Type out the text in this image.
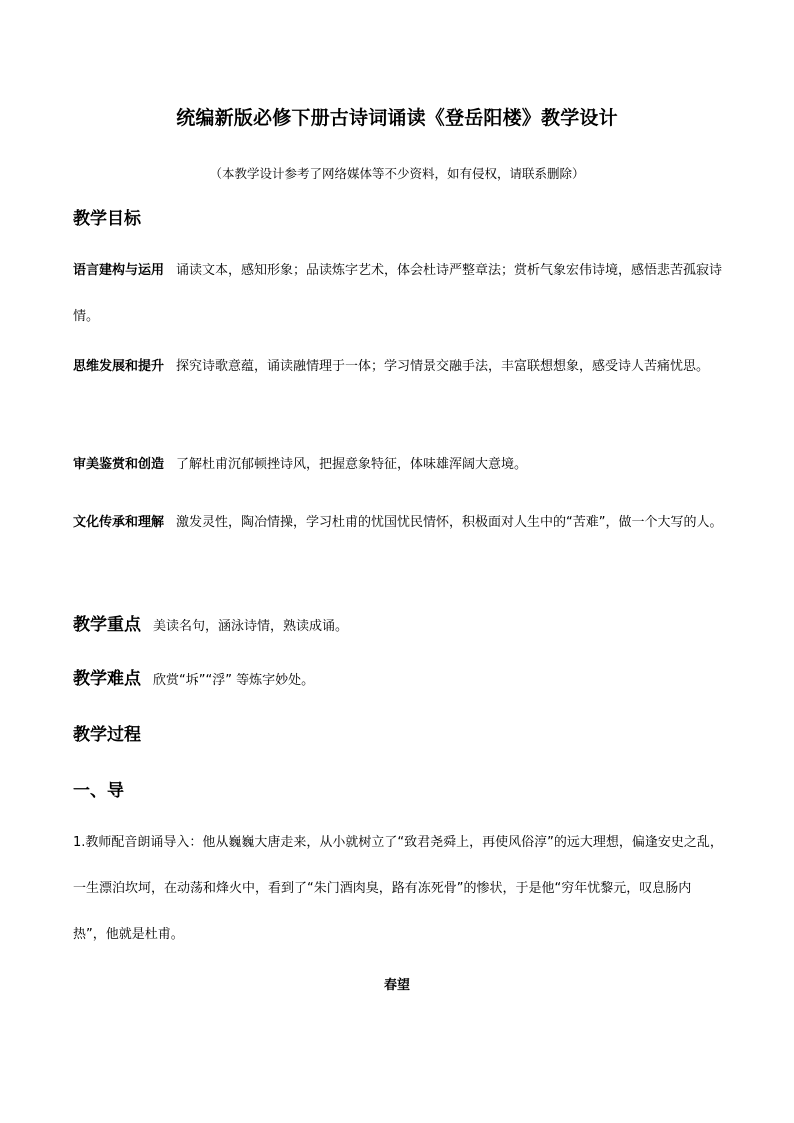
统编新版必修下册古诗词诵读《登岳阳楼》教学设计
（本教学设计参考了网络媒体等不少资料，如有侵权，请联系删除）
教学目标

语言建构与运用 诵读文本，感知形象；品读炼字艺术，体会杜诗严整章法；赏析气象宏伟诗境，感悟悲苦孤寂诗情。

思维发展和提升 探究诗歌意蕴，诵读融情理于一体；学习情景交融手法，丰富联想想象，感受诗人苦痛忧思。

审美鉴赏和创造 了解杜甫沉郁顿挫诗风，把握意象特征，体味雄浑阔大意境。

文化传承和理解 激发灵性，陶冶情操，学习杜甫的忧国忧民情怀，积极面对人生中的“苦难”，做一个大写的人。

教学重点 美读名句，涵泳诗情，熟读成诵。
教学难点 欣赏“坼”“浮” 等炼字妙处。
教学过程
一、导

1.教师配音朗诵导入：他从巍巍大唐走来，从小就树立了“致君尧舜上，再使风俗淳”的远大理想，偏逢安史之乱，一生漂泊坎坷，在动荡和烽火中，看到了“朱门酒肉臭，路有冻死骨”的惨状，于是他“穷年忧黎元，叹息肠内热”，他就是杜甫。

春望
